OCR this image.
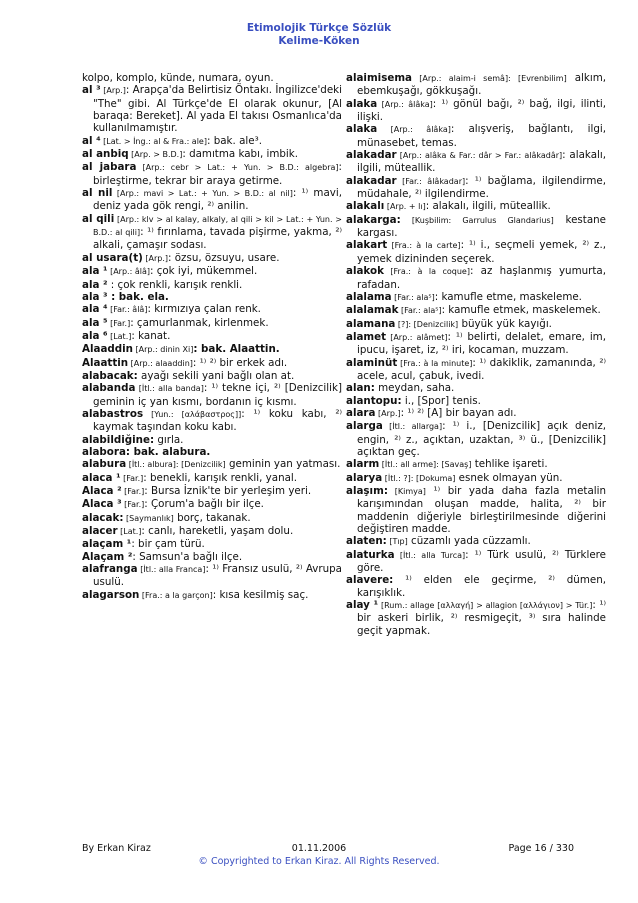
Etimolojik Türkçe Sözlük
Kelime-Köken

kolpo, komplo, künde, numara, oyun.

al ³ [Arp.]: Arapça'da Belirtisiz Öntakı. İngilizce'deki "The" gibi. Al Türkçe'de El olarak okunur, [Al baraqa: Bereket]. Al yada El takısı Osmanlıca'da kullanılmamıştır.

al ⁴ [Lat. > İng.: al & Fra.: ale]: bak. ale³.

al anbiq [Arp. > B.D.]: damıtma kabı, imbik.

al jabara [Arp.: cebr > Lat.: + Yun. > B.D.: algebra]: birleştirme, tekrar bir araya getirme.

al nil [Arp.: mavi > Lat.: + Yun. > B.D.: al nil]: ¹⁾ mavi, deniz yada gök rengi, ²⁾ anilin.

al qili [Arp.: klv > al kalay, alkaly, al qili > kil > Lat.: + Yun. > B.D.: al qili]: ¹⁾ fırınlama, tavada pişirme, yakma, ²⁾ alkali, çamaşır sodası.

al usara(t) [Arp.]: özsu, özsuyu, usare.

ala ¹ [Arp.: âlâ]: çok iyi, mükemmel.

ala ² : çok renkli, karışık renkli.

ala ³ : bak. ela.

ala ⁴ [Far.: âlâ]: kırmızıya çalan renk.

ala ⁵ [Far.]: çamurlanmak, kirlenmek.

ala ⁶ [Lat.]: kanat.

Alaaddin [Arp.: dinin Xi]: bak. Alaattin.

Alaattin [Arp.: alaaddin]: ¹⁾ ²⁾ bir erkek adı.

alabacak: ayağı sekili yani bağlı olan at.

alabanda [İtl.: alla banda]: ¹⁾ tekne içi, ²⁾ [Denizcilik] geminin iç yan kısmı, bordanın iç kısmı.

alabastros [Yun.: [αλάβαστρος]]: ¹⁾ koku kabı, ²⁾ kaymak taşından koku kabı.

alabildiğine: gırla.

alabora: bak. alabura.

alabura [İtl.: albura]: [Denizcilik] geminin yan yatması.

alaca ¹ [Far.]: benekli, karışık renkli, yanal.

Alaca ² [Far.]: Bursa İznik'te bir yerleşim yeri.

Alaca ³ [Far.]: Çorum'a bağlı bir ilçe.

alacak: [Saymanlık] borç, takanak.

alacer [Lat.]: canlı, hareketli, yaşam dolu.

alaçam ¹: bir çam türü.

Alaçam ²: Samsun'a bağlı ilçe.

alafranga [İtl.: alla Franca]: ¹⁾ Fransız usulü, ²⁾ Avrupa usulü.

alagarson [Fra.: a la garçon]: kısa kesilmiş saç.

alaimisema [Arp.: alaim-i semâ]: [Evrenbilim] alkım, ebemkuşağı, gökkuşağı.

alaka [Arp.: âlâka]: ¹⁾ gönül bağı, ²⁾ bağ, ilgi, ilinti, ilişki.

alaka [Arp.: âlâka]: alışveriş, bağlantı, ilgi, münasebet, temas.

alakadar [Arp.: alâka & Far.: dâr > Far.: alâkadâr]: alakalı, ilgili, müteallik.

alakadar [Far.: âlâkadar]: ¹⁾ bağlama, ilgilendirme, müdahale, ²⁾ ilgilendirme.

alakalı [Arp. + lı]: alakalı, ilgili, müteallik.

alakarga: [Kuşbilim: Garrulus Glandarius] kestane kargası.

alakart [Fra.: à la carte]: ¹⁾ i., seçmeli yemek, ²⁾ z., yemek dizininden seçerek.

alakok [Fra.: à la coque]: az haşlanmış yumurta, rafadan.

alalama [Far.: ala⁵]: kamufle etme, maskeleme.

alalamak [Far.: ala⁵]: kamufle etmek, maskelemek.

alamana [?]: [Denizcilik] büyük yük kayığı.

alamet [Arp.: alâmet]: ¹⁾ belirti, delalet, emare, im, ipucu, işaret, iz, ²⁾ iri, kocaman, muzzam.

alaminüt [Fra.: à la minute]: ¹⁾ dakiklik, zamanında, ²⁾ acele, acul, çabuk, ivedi.

alan: meydan, saha.

alantopu: i., [Spor] tenis.

alara [Arp.]: ¹⁾ ²⁾ [A] bir bayan adı.

alarga [İtl.: allarga]: ¹⁾ i., [Denizcilik] açık deniz, engin, ²⁾ z., açıktan, uzaktan, ³⁾ ü., [Denizcilik] açıktan geç.

alarm [İtl.: all arme]: [Savaş] tehlike işareti.

alarya [İtl.: ?]: [Dokuma] esnek olmayan yün.

alaşım: [Kimya] ¹⁾ bir yada daha fazla metalin karışımından oluşan madde, halita, ²⁾ bir maddenin diğeriyle birleştirilmesinde diğerini değiştiren madde.

alaten: [Tıp] cüzamlı yada cüzzamlı.

alaturka [İtl.: alla Turca]: ¹⁾ Türk usulü, ²⁾ Türklere göre.

alavere: ¹⁾ elden ele geçirme, ²⁾ dümen, karışıklık.

alay ¹ [Rum.: allage [αλλαγή] > allagion [αλλάγιον] > Tür.]: ¹⁾ bir askeri birlik, ²⁾ resmigeçit, ³⁾ sıra halinde geçit yapmak.

By Erkan Kiraz	01.11.2006	Page 16 / 330
© Copyrighted to Erkan Kiraz. All Rights Reserved.
